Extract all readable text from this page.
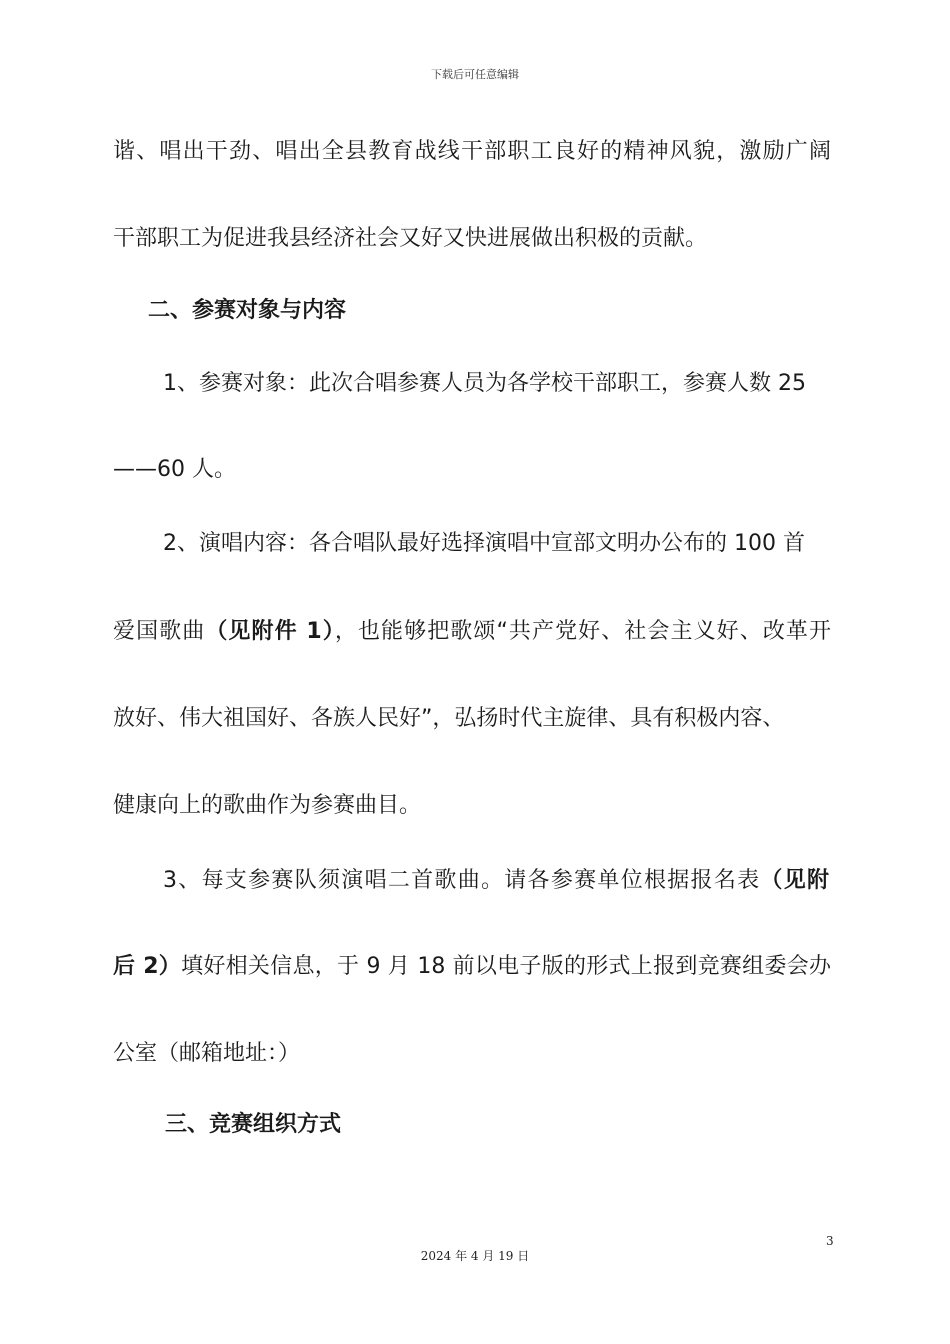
下载后可任意编辑
谐、唱出干劲、唱出全县教育战线干部职工良好的精神风貌，激励广阔
干部职工为促进我县经济社会又好又快进展做出积极的贡献。
二、参赛对象与内容
1、参赛对象：此次合唱参赛人员为各学校干部职工，参赛人数 25
——60 人。
2、演唱内容：各合唱队最好选择演唱中宣部文明办公布的 100 首
爱国歌曲（见附件 1），也能够把歌颂“共产党好、社会主义好、改革开
放好、伟大祖国好、各族人民好”，弘扬时代主旋律、具有积极内容、
健康向上的歌曲作为参赛曲目。
3、每支参赛队须演唱二首歌曲。请各参赛单位根据报名表（见附
后 2）填好相关信息，于 9 月 18 前以电子版的形式上报到竞赛组委会办
公室（邮箱地址：）
三、竞赛组织方式
3
2024 年 4 月 19 日
